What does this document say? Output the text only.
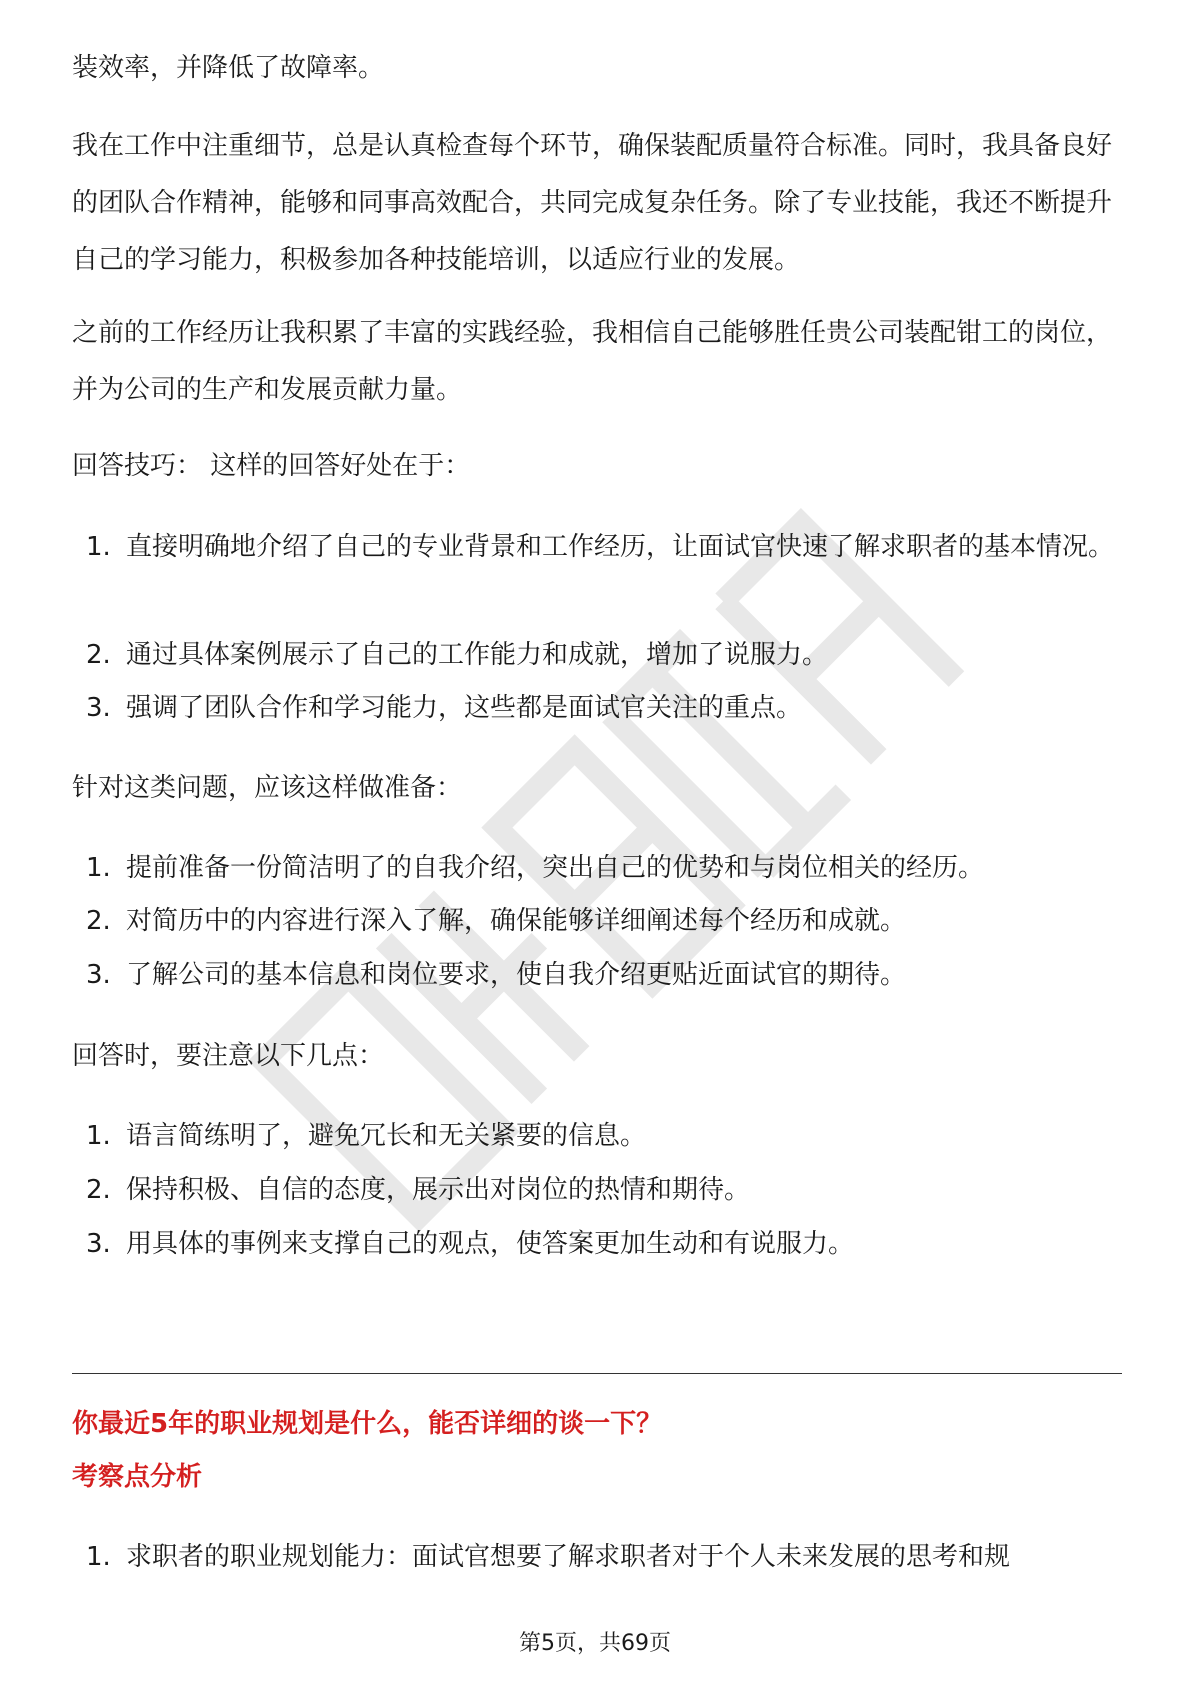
装效率，并降低了故障率。

我在工作中注重细节，总是认真检查每个环节，确保装配质量符合标准。同时，我具备良好的团队合作精神，能够和同事高效配合，共同完成复杂任务。除了专业技能，我还不断提升自己的学习能力，积极参加各种技能培训，以适应行业的发展。

之前的工作经历让我积累了丰富的实践经验，我相信自己能够胜任贵公司装配钳工的岗位，并为公司的生产和发展贡献力量。

回答技巧： 这样的回答好处在于：

1. 直接明确地介绍了自己的专业背景和工作经历，让面试官快速了解求职者的基本情况。
2. 通过具体案例展示了自己的工作能力和成就，增加了说服力。
3. 强调了团队合作和学习能力，这些都是面试官关注的重点。

针对这类问题，应该这样做准备：

1. 提前准备一份简洁明了的自我介绍，突出自己的优势和与岗位相关的经历。
2. 对简历中的内容进行深入了解，确保能够详细阐述每个经历和成就。
3. 了解公司的基本信息和岗位要求，使自我介绍更贴近面试官的期待。

回答时，要注意以下几点：

1. 语言简练明了，避免冗长和无关紧要的信息。
2. 保持积极、自信的态度，展示出对岗位的热情和期待。
3. 用具体的事例来支撑自己的观点，使答案更加生动和有说服力。
你最近5年的职业规划是什么，能否详细的谈一下？
考察点分析
1. 求职者的职业规划能力：面试官想要了解求职者对于个人未来发展的思考和规
第5页，共69页
